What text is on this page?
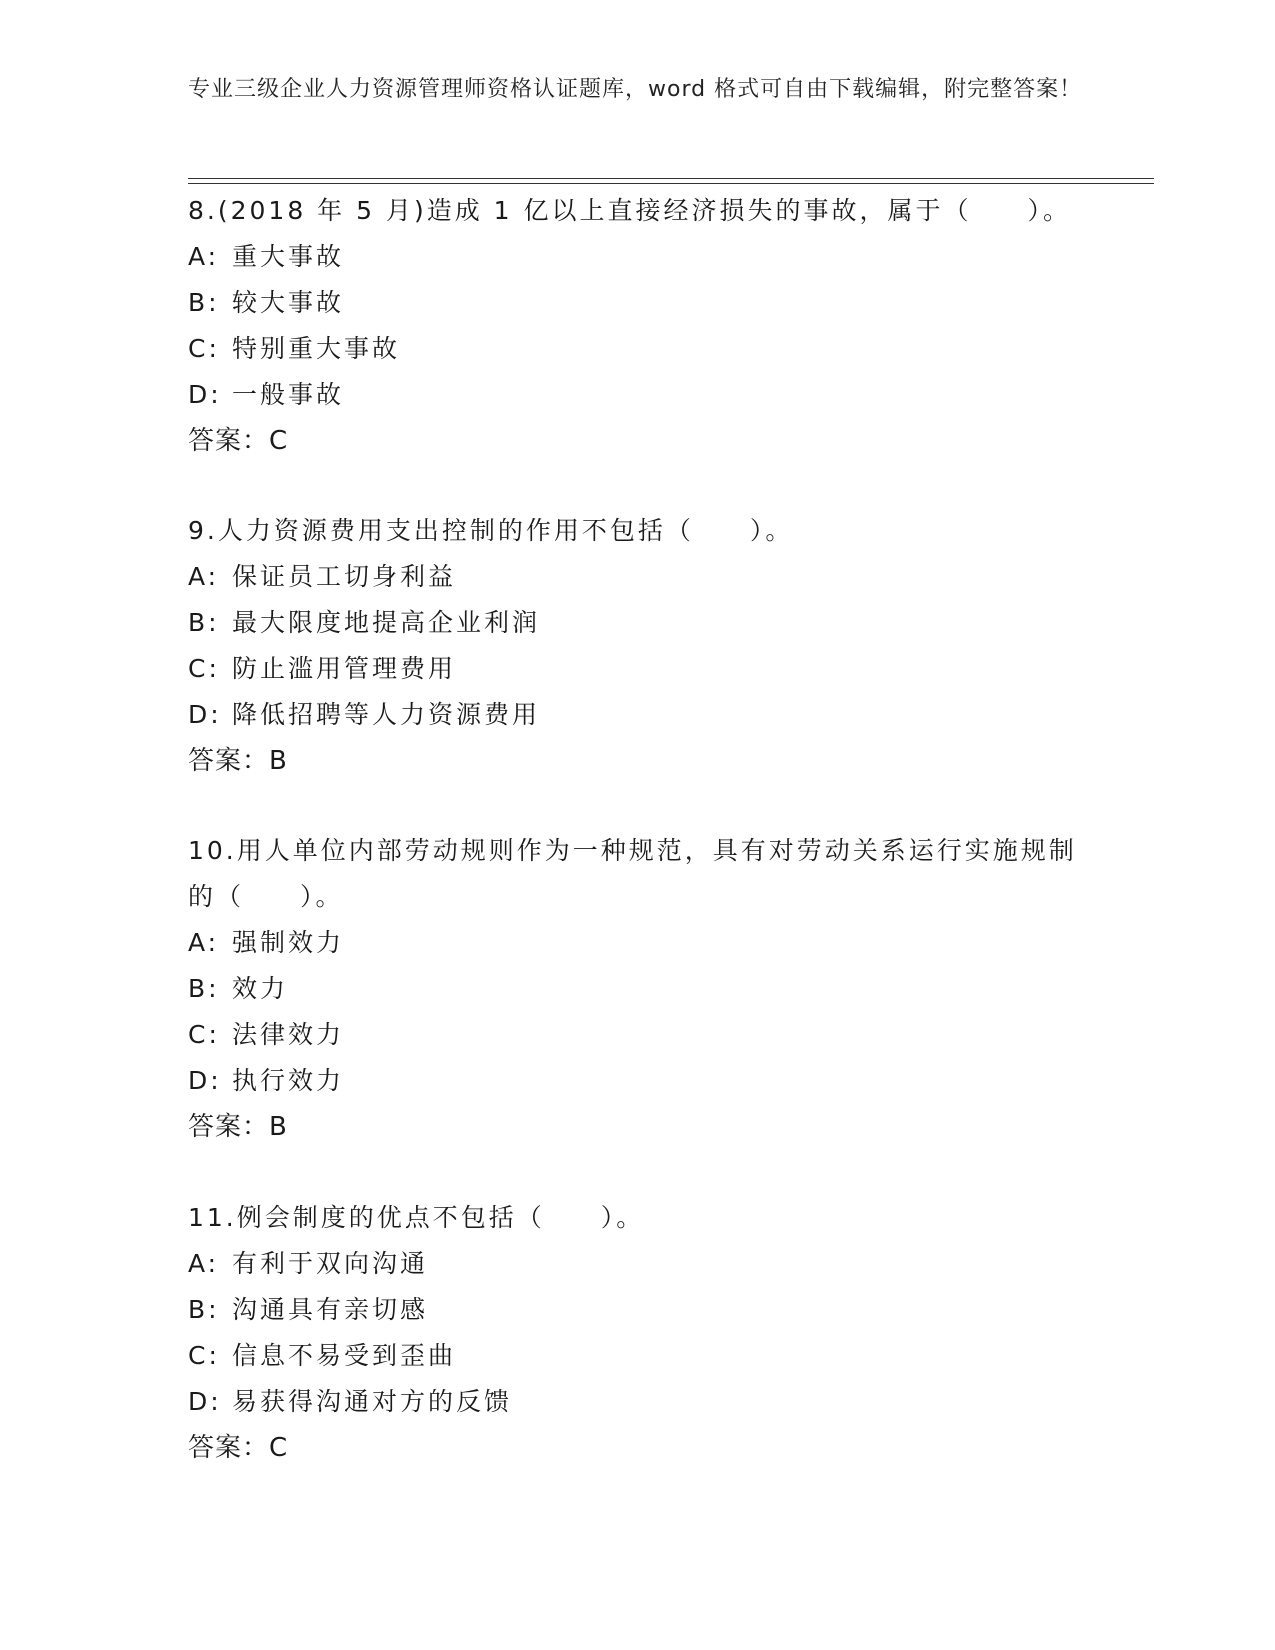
专业三级企业人力资源管理师资格认证题库，word 格式可自由下载编辑，附完整答案！

8.(2018 年 5 月)造成 1 亿以上直接经济损失的事故，属于（　　）。

A: 重大事故

B: 较大事故

C: 特别重大事故

D: 一般事故

答案：C

9.人力资源费用支出控制的作用不包括（　　）。

A: 保证员工切身利益

B: 最大限度地提高企业利润

C: 防止滥用管理费用

D: 降低招聘等人力资源费用

答案：B

10.用人单位内部劳动规则作为一种规范，具有对劳动关系运行实施规制的（　　）。

A: 强制效力

B: 效力

C: 法律效力

D: 执行效力

答案：B

11.例会制度的优点不包括（　　）。

A: 有利于双向沟通

B: 沟通具有亲切感

C: 信息不易受到歪曲

D: 易获得沟通对方的反馈

答案：C
